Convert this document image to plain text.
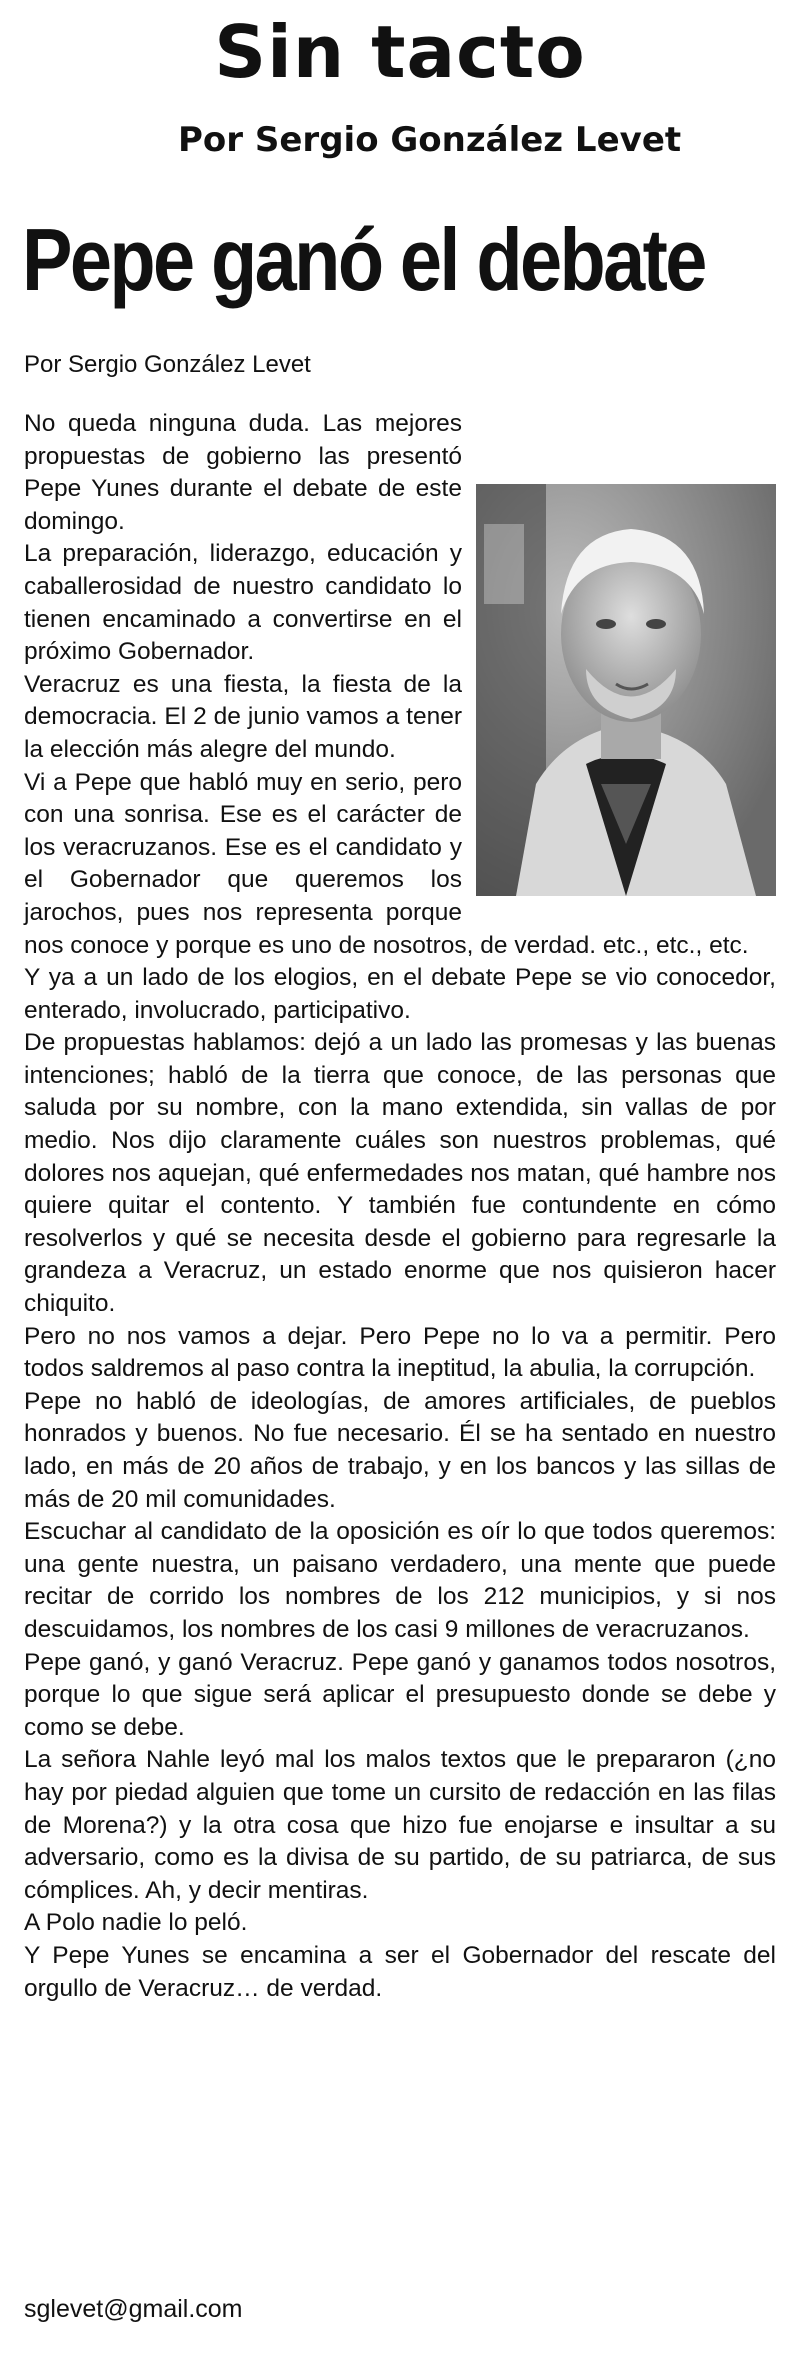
Sin tacto
Por Sergio González Levet
Pepe ganó el debate
Por Sergio González Levet

No queda ninguna duda. Las mejores propuestas de gobierno las presentó Pepe Yunes durante el debate de este domingo.

La preparación, liderazgo, educación y caballerosidad de nuestro candidato lo tienen encaminado a convertirse en el próximo Gobernador.

Veracruz es una fiesta, la fiesta de la democracia. El 2 de junio vamos a tener la elección más alegre del mundo.

Vi a Pepe que habló muy en serio, pero con una sonrisa. Ese es el carácter de los veracruzanos. Ese es el candidato y el Gobernador que queremos los jarochos, pues nos representa porque nos conoce y porque es uno de nosotros, de verdad. etc., etc., etc.

Y ya a un lado de los elogios, en el debate Pepe se vio conocedor, enterado, involucrado, participativo.

De propuestas hablamos: dejó a un lado las promesas y las buenas intenciones; habló de la tierra que conoce, de las personas que saluda por su nombre, con la mano extendida, sin vallas de por medio. Nos dijo claramente cuáles son nuestros problemas, qué dolores nos aquejan, qué enfermedades nos matan, qué hambre nos quiere quitar el contento. Y también fue contundente en cómo resolverlos y qué se necesita desde el gobierno para regresarle la grandeza a Veracruz, un estado enorme que nos quisieron hacer chiquito.

Pero no nos vamos a dejar. Pero Pepe no lo va a permitir. Pero todos saldremos al paso contra la ineptitud, la abulia, la corrupción.

Pepe no habló de ideologías, de amores artificiales, de pueblos honrados y buenos. No fue necesario. Él se ha sentado en nuestro lado, en más de 20 años de trabajo, y en los bancos y las sillas de más de 20 mil comunidades.

Escuchar al candidato de la oposición es oír lo que todos queremos: una gente nuestra, un paisano verdadero, una mente que puede recitar de corrido los nombres de los 212 municipios, y si nos descuidamos, los nombres de los casi 9 millones de veracruzanos.

Pepe ganó, y ganó Veracruz. Pepe ganó y ganamos todos nosotros, porque lo que sigue será aplicar el presupuesto donde se debe y como se debe.

La señora Nahle leyó mal los malos textos que le prepararon (¿no hay por piedad alguien que tome un cursito de redacción en las filas de Morena?) y la otra cosa que hizo fue enojarse e insultar a su adversario, como es la divisa de su partido, de su patriarca, de sus cómplices. Ah, y decir mentiras.

A Polo nadie lo peló.

Y Pepe Yunes se encamina a ser el Gobernador del rescate del orgullo de Veracruz… de verdad.

sglevet@gmail.com
